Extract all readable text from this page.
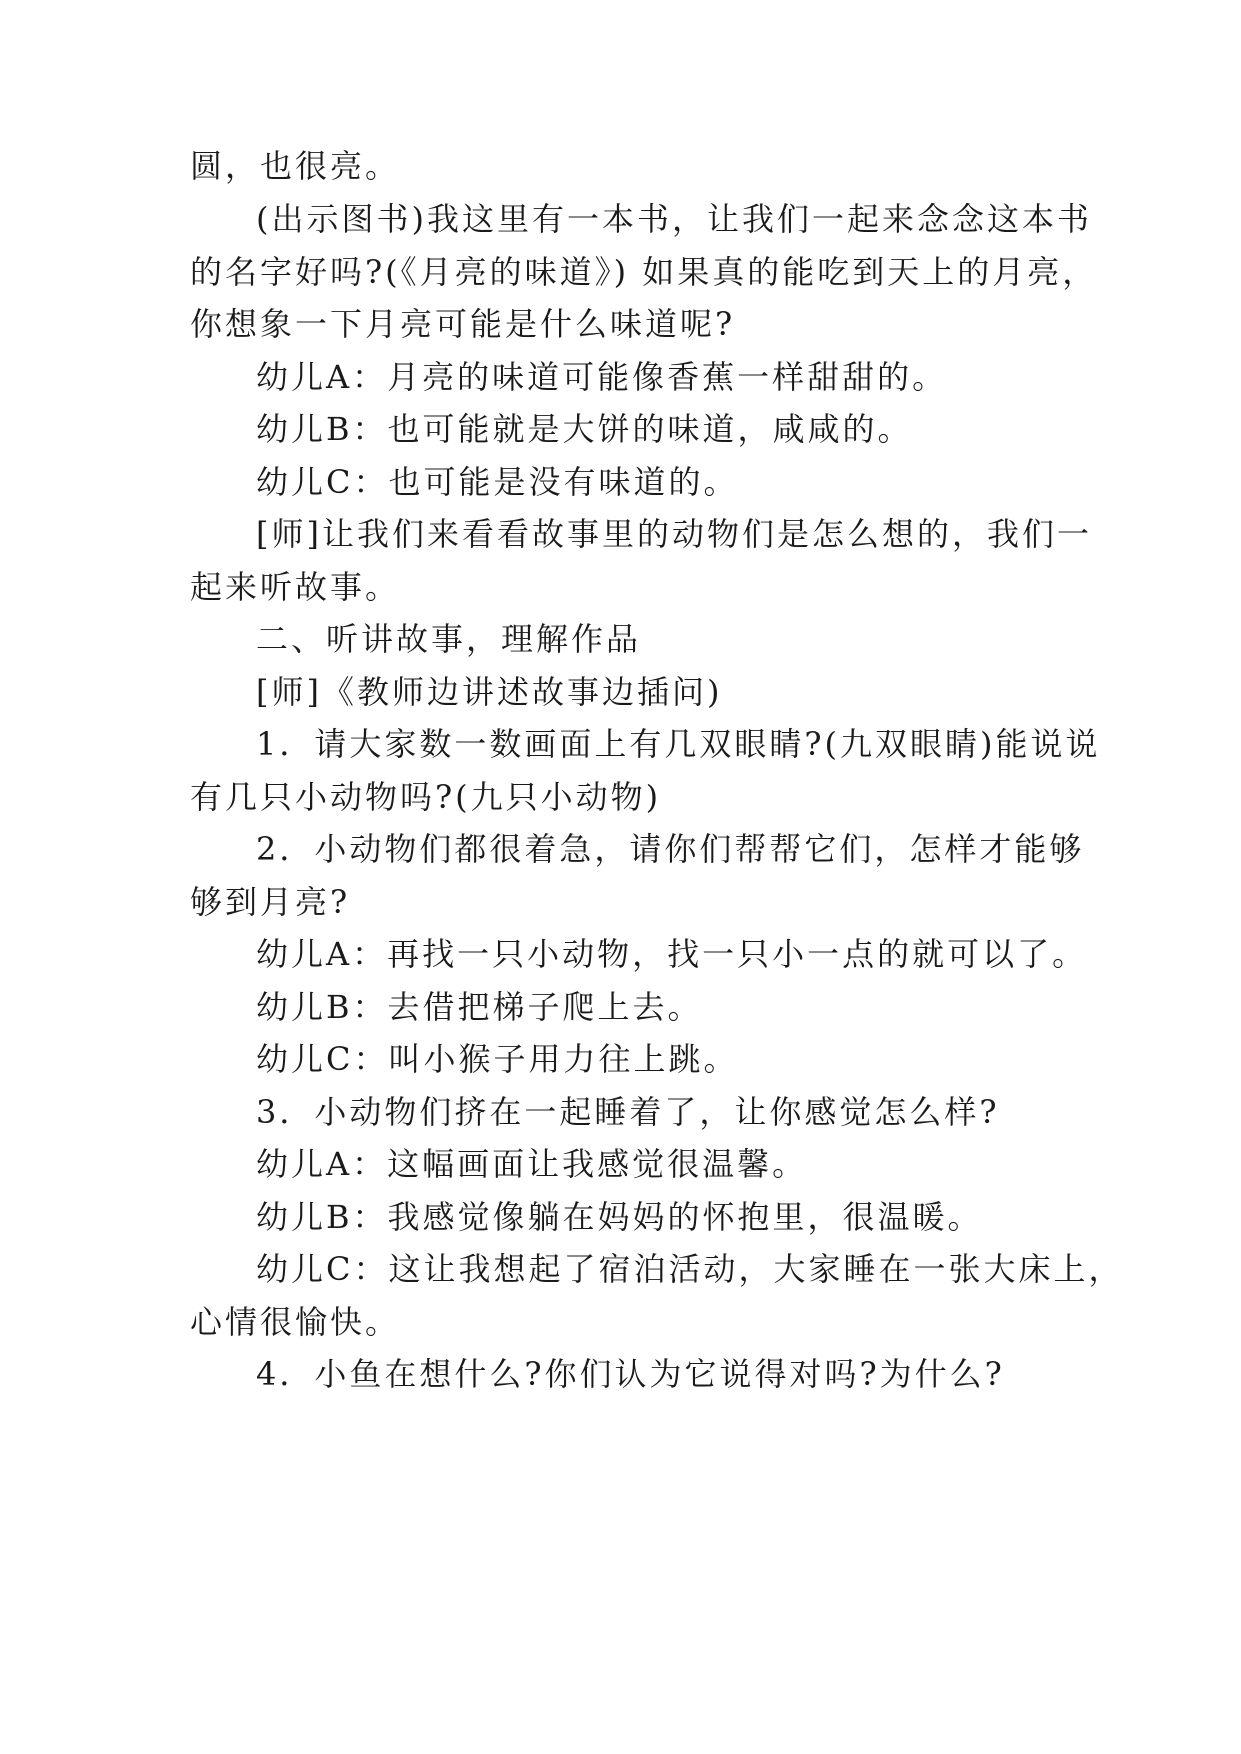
圆，也很亮。
(出示图书)我这里有一本书，让我们一起来念念这本书
的名字好吗?(《月亮的味道》) 如果真的能吃到天上的月亮，
你想象一下月亮可能是什么味道呢?
幼儿A：月亮的味道可能像香蕉一样甜甜的。
幼儿B：也可能就是大饼的味道，咸咸的。
幼儿C：也可能是没有味道的。
[师]让我们来看看故事里的动物们是怎么想的，我们一
起来听故事。
二、听讲故事，理解作品
[师]《教师边讲述故事边插问)
1．请大家数一数画面上有几双眼睛?(九双眼睛)能说说
有几只小动物吗?(九只小动物)
2．小动物们都很着急，请你们帮帮它们，怎样才能够
够到月亮?
幼儿A：再找一只小动物，找一只小一点的就可以了。
幼儿B：去借把梯子爬上去。
幼儿C：叫小猴子用力往上跳。
3．小动物们挤在一起睡着了，让你感觉怎么样?
幼儿A：这幅画面让我感觉很温馨。
幼儿B：我感觉像躺在妈妈的怀抱里，很温暖。
幼儿C：这让我想起了宿泊活动，大家睡在一张大床上，
心情很愉快。
4．小鱼在想什么?你们认为它说得对吗?为什么?
